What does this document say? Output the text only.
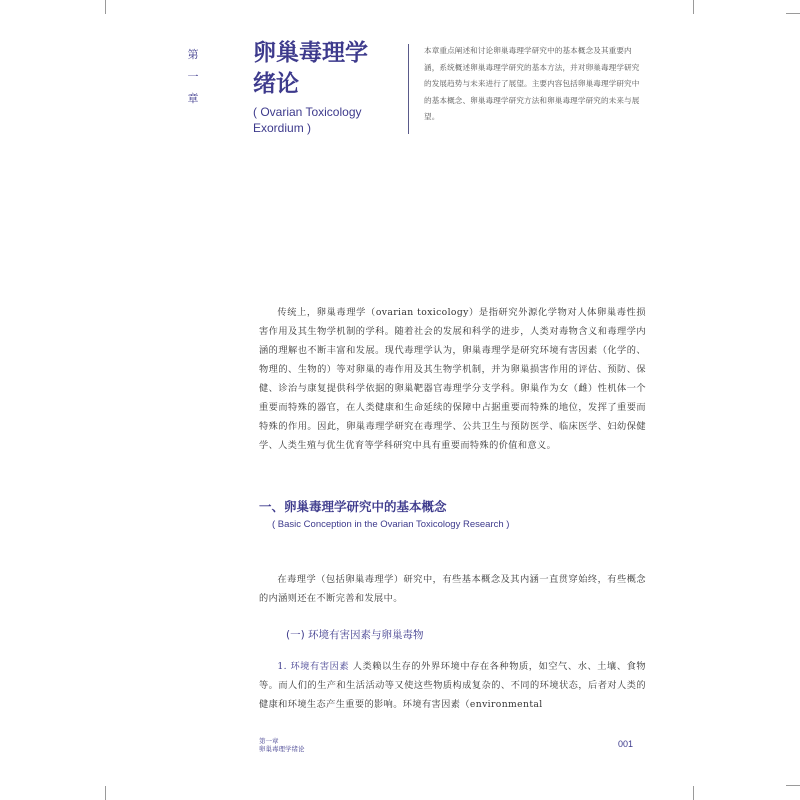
第一章
卵巢毒理学绪论
( Ovarian Toxicology Exordium )
本章重点阐述和讨论卵巢毒理学研究中的基本概念及其重要内涵，系统概述卵巢毒理学研究的基本方法，并对卵巢毒理学研究的发展趋势与未来进行了展望。主要内容包括卵巢毒理学研究中的基本概念、卵巢毒理学研究方法和卵巢毒理学研究的未来与展望。
传统上，卵巢毒理学（ovarian toxicology）是指研究外源化学物对人体卵巢毒性损害作用及其生物学机制的学科。随着社会的发展和科学的进步，人类对毒物含义和毒理学内涵的理解也不断丰富和发展。现代毒理学认为，卵巢毒理学是研究环境有害因素（化学的、物理的、生物的）等对卵巢的毒作用及其生物学机制，并为卵巢损害作用的评估、预防、保健、诊治与康复提供科学依据的卵巢靶器官毒理学分支学科。卵巢作为女（雌）性机体一个重要而特殊的器官，在人类健康和生命延续的保障中占据重要而特殊的地位，发挥了重要而特殊的作用。因此，卵巢毒理学研究在毒理学、公共卫生与预防医学、临床医学、妇幼保健学、人类生殖与优生优育等学科研究中具有重要而特殊的价值和意义。
一、卵巢毒理学研究中的基本概念
( Basic Conception in the Ovarian Toxicology Research )
在毒理学（包括卵巢毒理学）研究中，有些基本概念及其内涵一直贯穿始终，有些概念的内涵则还在不断完善和发展中。
(一) 环境有害因素与卵巢毒物
1. 环境有害因素 人类赖以生存的外界环境中存在各种物质，如空气、水、土壤、食物等。而人们的生产和生活活动等又使这些物质构成复杂的、不同的环境状态，后者对人类的健康和环境生态产生重要的影响。环境有害因素（environmental
第一章
卵巢毒理学绪论	001
